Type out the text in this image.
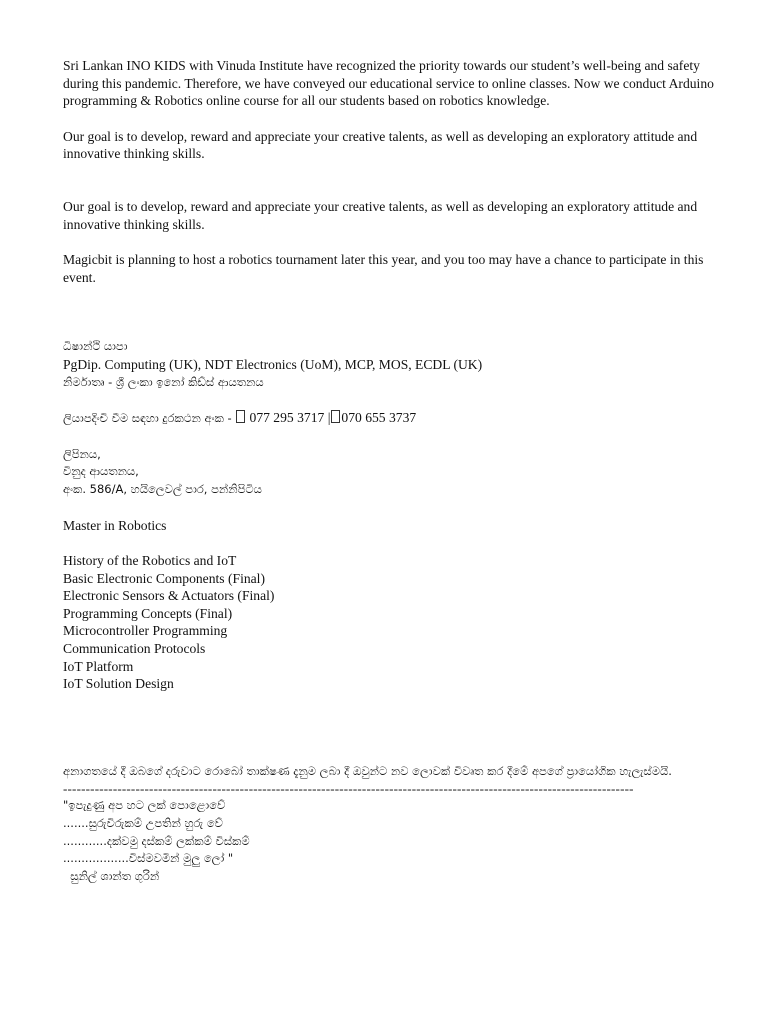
Sri Lankan INO KIDS with Vinuda Institute have recognized the priority towards our student’s well-being and safety during this pandemic. Therefore, we have conveyed our educational service to online classes. Now we conduct Arduino programming & Robotics online course for all our students based on robotics knowledge.

Our goal is to develop, reward and appreciate your creative talents, as well as developing an exploratory attitude and innovative thinking skills.

Our goal is to develop, reward and appreciate your creative talents, as well as developing an exploratory attitude and innovative thinking skills.

Magicbit is planning to host a robotics tournament later this year, and you too may have a chance to participate in this event.

ධිෂාන්ථි යාපා

PgDip. Computing (UK), NDT Electronics (UoM), MCP, MOS, ECDL (UK)

නිර්මාතෘ - ශ්‍රී ලංකා ඉනෝ කිඩ්ස් ආයතනය

ලියාපදිංචි වීම සඳහා දුරකථන අංක - 077 295 3717 | 070 655 3737

ලිපිනය,

විනුද ආයතනය,

අංක. 586/A, හයිලෙවල් පාර, පන්නිපිටිය

Master in Robotics

History of the Robotics and IoT

Basic Electronic Components (Final)

Electronic Sensors & Actuators (Final)

Programming Concepts (Final)

Microcontroller Programming

Communication Protocols

IoT Platform

IoT Solution Design

අනාගතයේ දී ඔබගේ දරුවාට රොබෝ තාක්ෂණ දැනුම ලබා දී ඔවුන්ට නව ලොවක් විවෘත කර දීමේ අපගේ ප්‍රායෝගික හැලැස්මයි.

------------------------------------------------------------------------------------------------------------------------------

"ඉපැදුණු අප හට ලක් පොළොවේ

.......සුරුවිරුකම් උපතින් හුරු වේ

............දක්වමු දස්කම් ලක්කම් විස්කම්

..................විස්මවමින් මුලු ලෝ "

සුනිල් ශාන්ත ගුරින්
